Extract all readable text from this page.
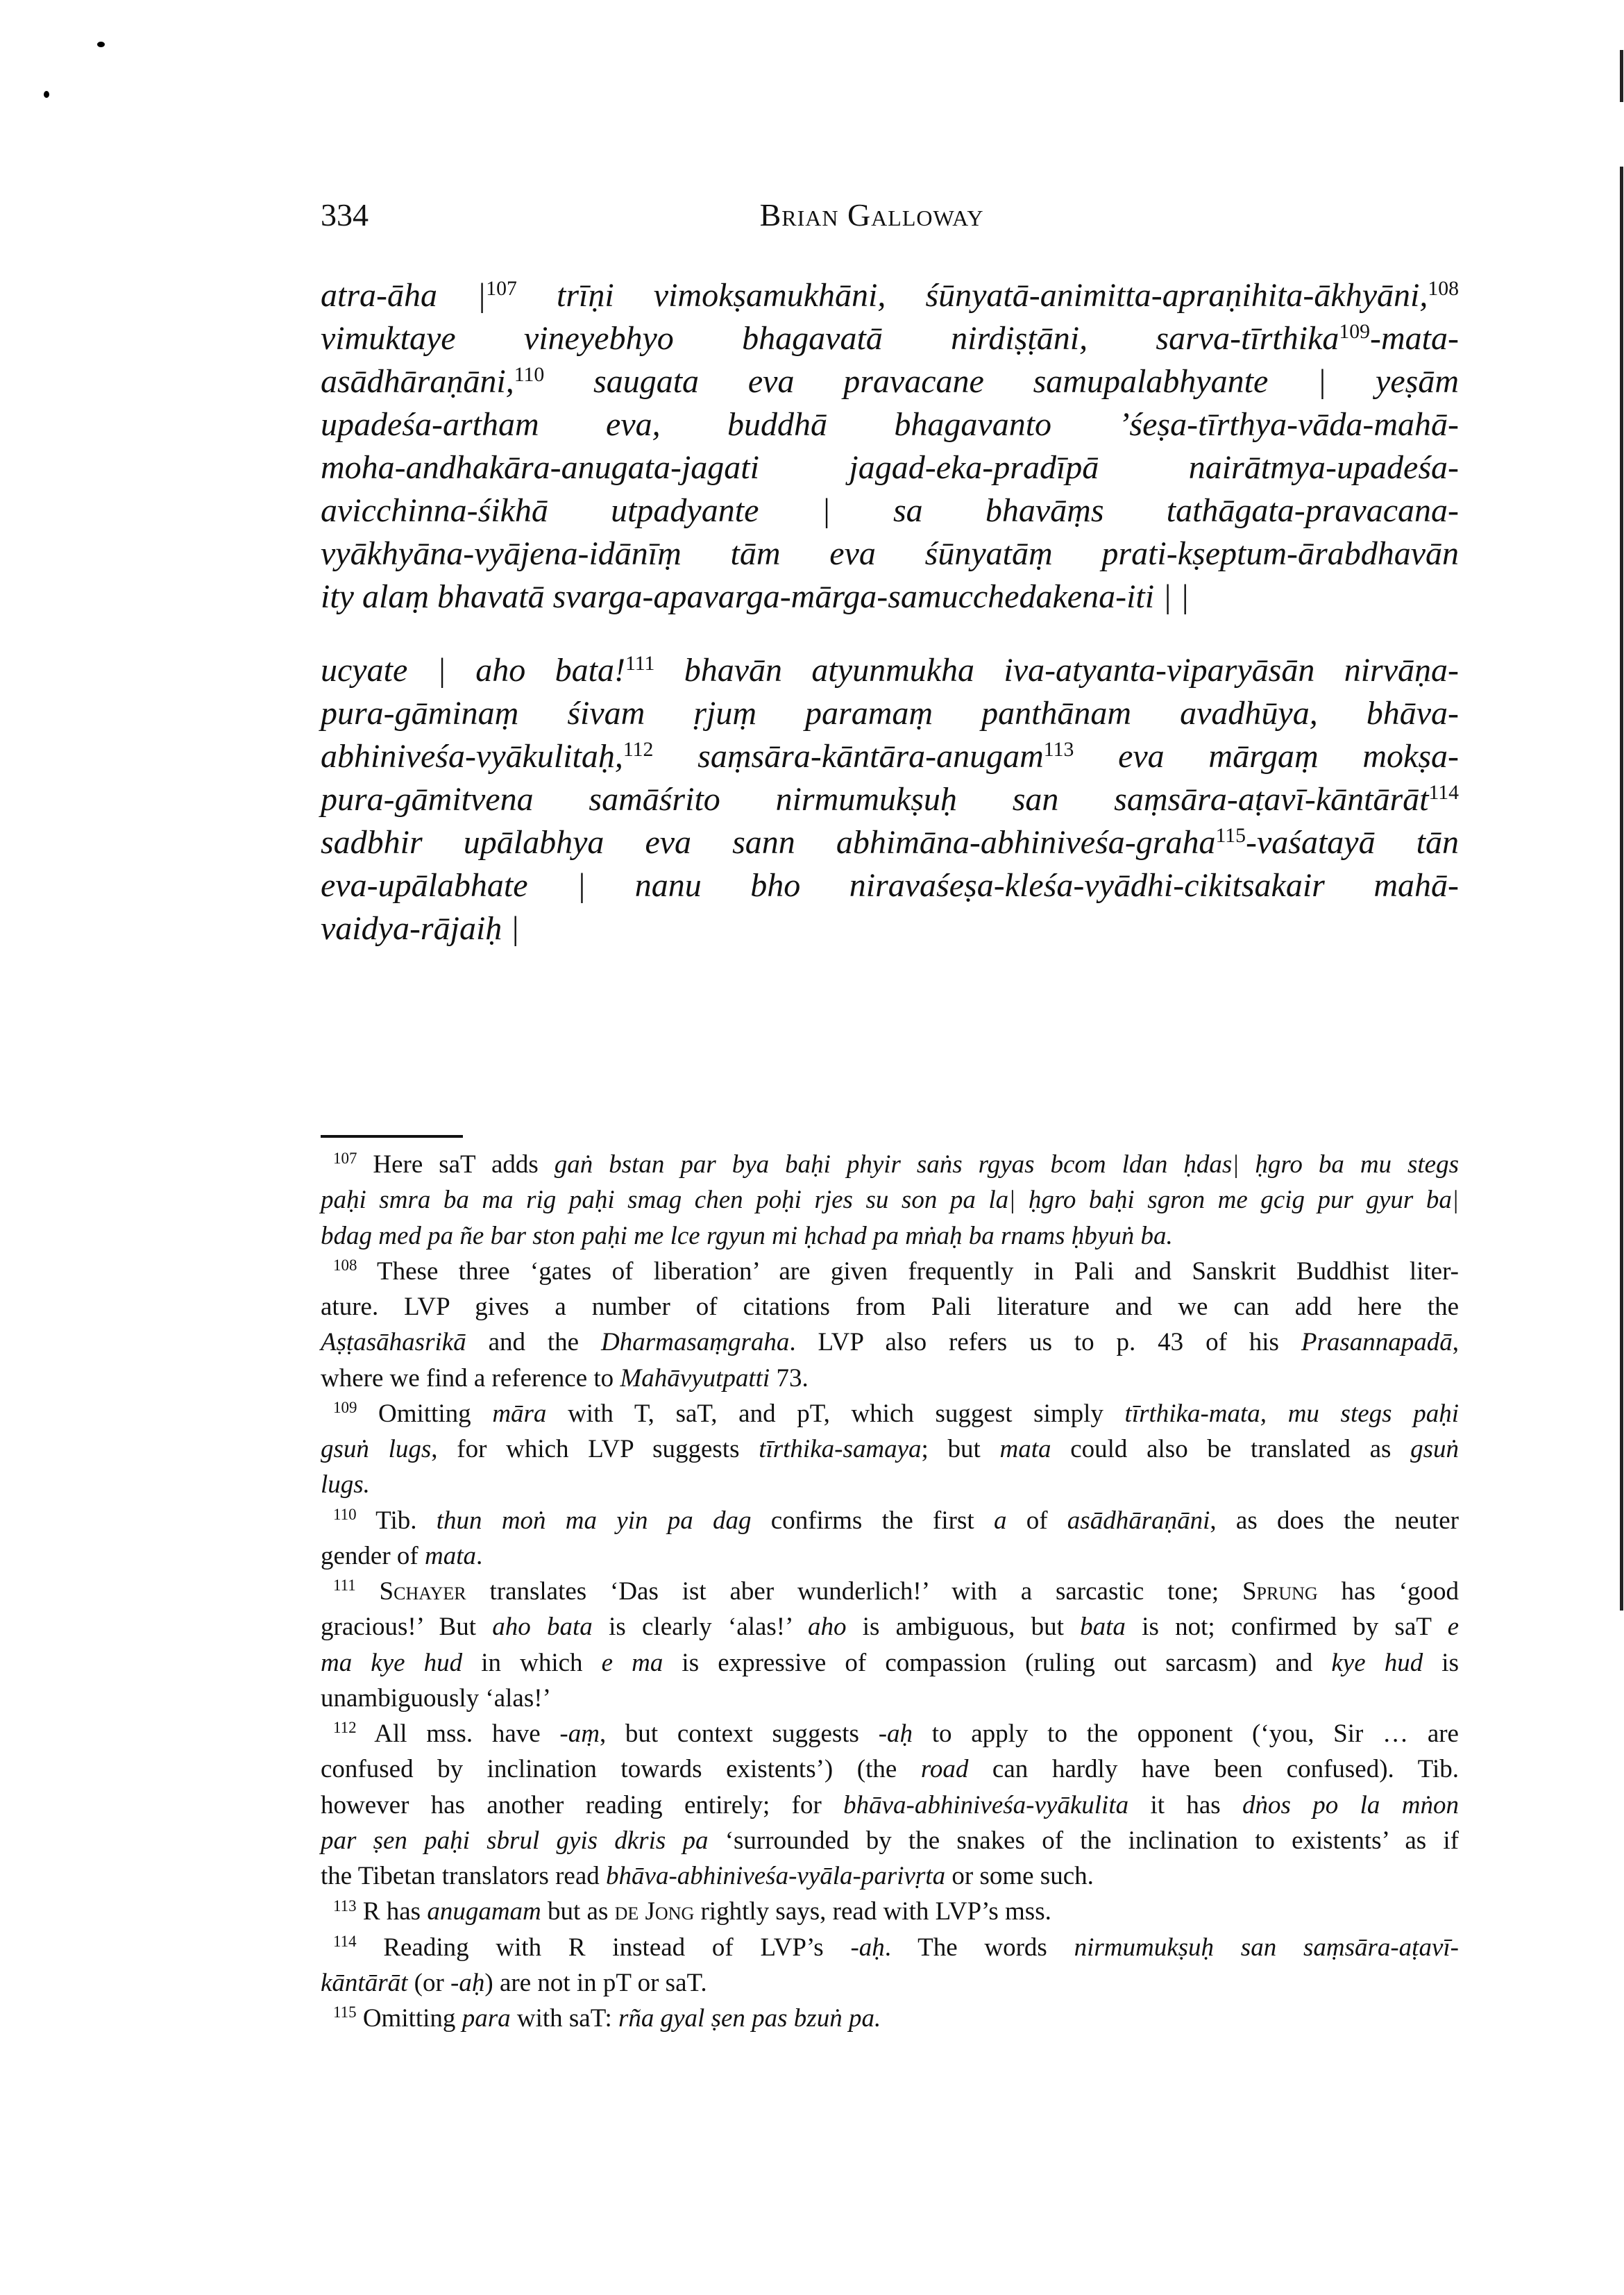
334	Brian Galloway
atra-āha $|^{107}$ trīṇi vimokṣamukhāni, śūnyatā-animitta-apraṇihita-ākhyāni,$^{108}$
vimuktaye vineyebhyo bhagavatā nirdiṣṭāni, sarva-tīrthika$^{109}$-mata-
asādhāraṇāni,$^{110}$ saugata eva pravacane samupalabhyante | yeṣām
upadeśa-artham eva, buddhā bhagavanto ’śeṣa-tīrthya-vāda-mahā-
moha-andhakāra-anugata-jagati jagad-eka-pradīpā nairātmya-upadeśa-
avicchinna-śikhā utpadyante | sa bhavāṃs tathāgata-pravacana-
vyākhyāna-vyājena-idānīṃ tām eva śūnyatāṃ prati-kṣeptum-ārabdhavān
ity alaṃ bhavatā svarga-apavarga-mārga-samucchedakena-iti | |
ucyate | aho bata!$^{111}$ bhavān atyunmukha iva-atyanta-viparyāsān nirvāṇa-
pura-gāminaṃ śivam ṛjuṃ paramaṃ panthānam avadhūya, bhāva-
abhiniveśa-vyākulitaḥ,$^{112}$ saṃsāra-kāntāra-anugam$^{113}$ eva mārgaṃ mokṣa-
pura-gāmitvena samāśrito nirmumukṣuḥ san saṃsāra-aṭavī-kāntārāt$^{114}$
sadbhir upālabhya eva sann abhimāna-abhiniveśa-graha$^{115}$-vaśatayā tān
eva-upālabhate | nanu bho niravaśeṣa-kleśa-vyādhi-cikitsakair mahā-
vaidya-rājaiḥ |
$^{107}$ Here saT adds gaṅ bstan par bya baḥi phyir saṅs rgyas bcom ldan ḥdas| ḥgro ba mu stegs
paḥi smra ba ma rig paḥi smag chen poḥi rjes su son pa la| ḥgro baḥi sgron me gcig pur gyur ba|
bdag med pa ñe bar ston paḥi me lce rgyun mi ḥchad pa mṅaḥ ba rnams ḥbyuṅ ba.
$^{108}$ These three ‘gates of liberation’ are given frequently in Pali and Sanskrit Buddhist liter-
ature. LVP gives a number of citations from Pali literature and we can add here the
Aṣṭasāhasrikā and the Dharmasaṃgraha. LVP also refers us to p. 43 of his Prasannapadā,
where we find a reference to Mahāvyutpatti 73.
$^{109}$ Omitting māra with T, saT, and pT, which suggest simply tīrthika-mata, mu stegs paḥi
gsuṅ lugs, for which LVP suggests tīrthika-samaya; but mata could also be translated as gsuṅ
lugs.
$^{110}$ Tib. thun moṅ ma yin pa dag confirms the first a of asādhāraṇāni, as does the neuter
gender of mata.
$^{111}$ Schayer translates ‘Das ist aber wunderlich!’ with a sarcastic tone; Sprung has ‘good
gracious!’ But aho bata is clearly ‘alas!’ aho is ambiguous, but bata is not; confirmed by saT e
ma kye hud in which e ma is expressive of compassion (ruling out sarcasm) and kye hud is
unambiguously ‘alas!’
$^{112}$ All mss. have -aṃ, but context suggests -aḥ to apply to the opponent (‘you, Sir … are
confused by inclination towards existents’) (the road can hardly have been confused). Tib.
however has another reading entirely; for bhāva-abhiniveśa-vyākulita it has dṅos po la mṅon
par ṣen paḥi sbrul gyis dkris pa ‘surrounded by the snakes of the inclination to existents’ as if
the Tibetan translators read bhāva-abhiniveśa-vyāla-parivṛta or some such.
$^{113}$ R has anugamam but as de Jong rightly says, read with LVP’s mss.
$^{114}$ Reading with R instead of LVP’s -aḥ. The words nirmumukṣuḥ san saṃsāra-aṭavī-
kāntārāt (or -aḥ) are not in pT or saT.
$^{115}$ Omitting para with saT: rña gyal ṣen pas bzuṅ pa.
